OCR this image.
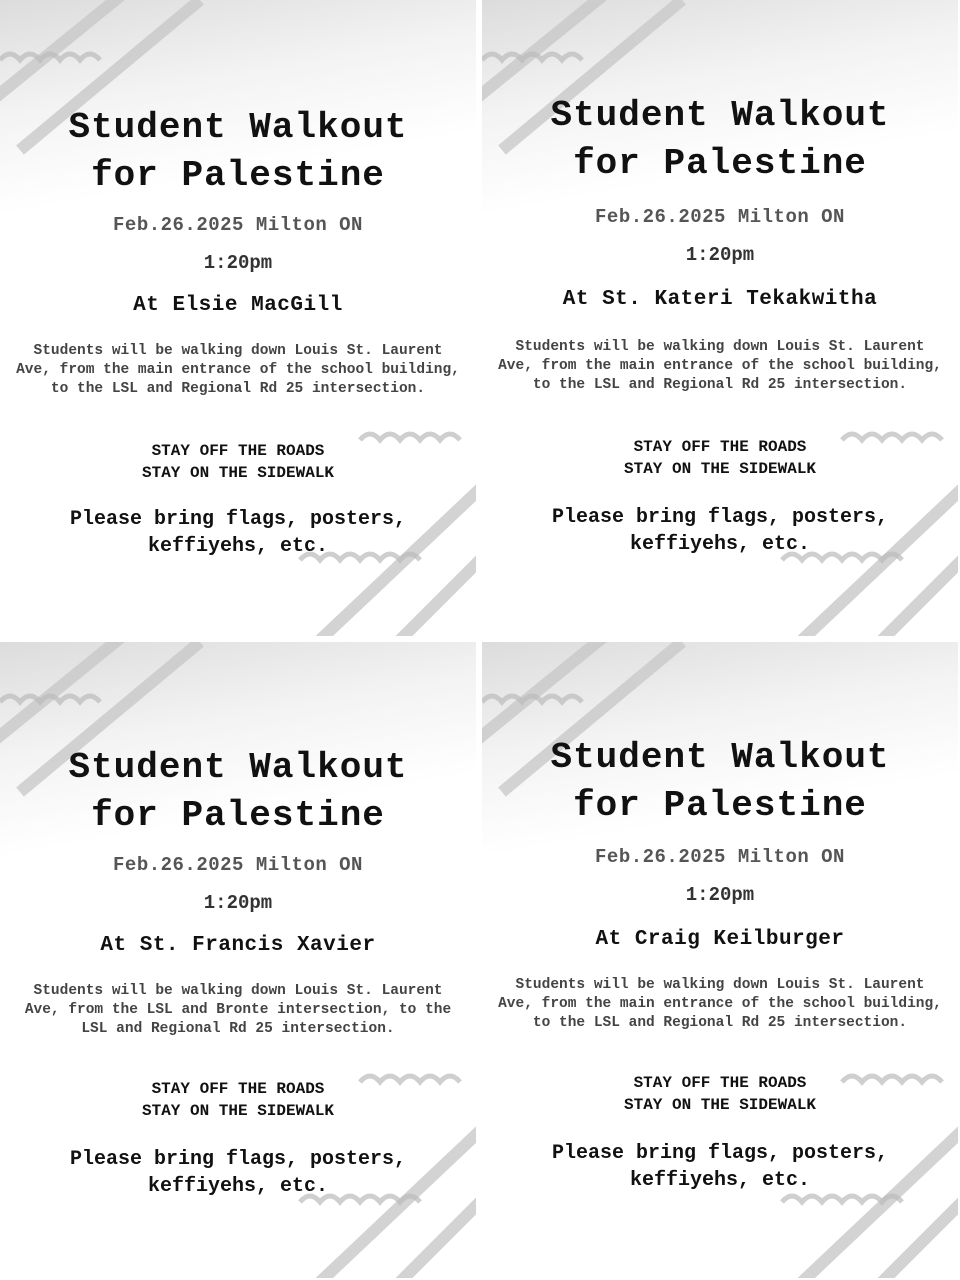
Student Walkout for Palestine
Feb.26.2025 Milton ON
1:20pm
At Elsie MacGill
Students will be walking down Louis St. Laurent Ave, from the main entrance of the school building, to the LSL and Regional Rd 25 intersection.
STAY OFF THE ROADS
STAY ON THE SIDEWALK
Please bring flags, posters, keffiyehs, etc.
Student Walkout for Palestine
Feb.26.2025 Milton ON
1:20pm
At St. Kateri Tekakwitha
Students will be walking down Louis St. Laurent Ave, from the main entrance of the school building, to the LSL and Regional Rd 25 intersection.
STAY OFF THE ROADS
STAY ON THE SIDEWALK
Please bring flags, posters, keffiyehs, etc.
Student Walkout for Palestine
Feb.26.2025 Milton ON
1:20pm
At St. Francis Xavier
Students will be walking down Louis St. Laurent Ave, from the LSL and Bronte intersection, to the LSL and Regional Rd 25 intersection.
STAY OFF THE ROADS
STAY ON THE SIDEWALK
Please bring flags, posters, keffiyehs, etc.
Student Walkout for Palestine
Feb.26.2025 Milton ON
1:20pm
At Craig Keilburger
Students will be walking down Louis St. Laurent Ave, from the main entrance of the school building, to the LSL and Regional Rd 25 intersection.
STAY OFF THE ROADS
STAY ON THE SIDEWALK
Please bring flags, posters, keffiyehs, etc.
